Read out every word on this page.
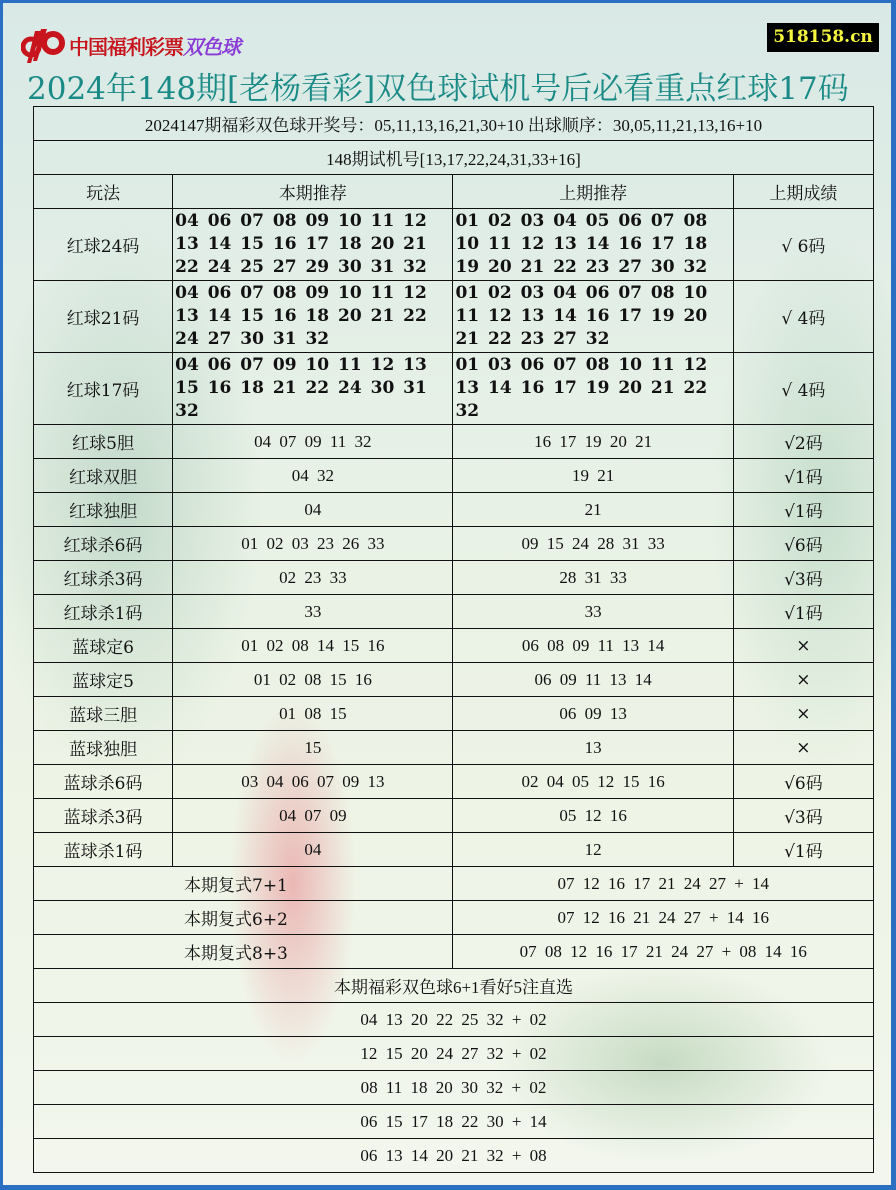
中国福利彩票 双色球	518158.cn
2024年148期[老杨看彩]双色球试机号后必看重点红球17码
2024147期福彩双色球开奖号：05,11,13,16,21,30+10 出球顺序：30,05,11,21,13,16+10			
148期试机号[13,17,22,24,31,33+16]			
玩法	本期推荐	上期推荐	上期成绩
红球24码	04 06 07 08 09 10 11 12 13 14 15 16 17 18 20 21 22 24 25 27 29 30 31 32	01 02 03 04 05 06 07 08 10 11 12 13 14 16 17 18 19 20 21 22 23 27 30 32	√ 6码
红球21码	04 06 07 08 09 10 11 12 13 14 15 16 18 20 21 22 24 27 30 31 32	01 02 03 04 06 07 08 10 11 12 13 14 16 17 19 20 21 22 23 27 32	√ 4码
红球17码	04 06 07 09 10 11 12 13 15 16 18 21 22 24 30 31 32	01 03 06 07 08 10 11 12 13 14 16 17 19 20 21 22 32	√ 4码
红球5胆	04 07 09 11 32	16 17 19 20 21	√2码
红球双胆	04 32	19 21	√1码
红球独胆	04	21	√1码
红球杀6码	01 02 03 23 26 33	09 15 24 28 31 33	√6码
红球杀3码	02 23 33	28 31 33	√3码
红球杀1码	33	33	√1码
蓝球定6	01 02 08 14 15 16	06 08 09 11 13 14	×
蓝球定5	01 02 08 15 16	06 09 11 13 14	×
蓝球三胆	01 08 15	06 09 13	×
蓝球独胆	15	13	×
蓝球杀6码	03 04 06 07 09 13	02 04 05 12 15 16	√6码
蓝球杀3码	04 07 09	05 12 16	√3码
蓝球杀1码	04	12	√1码
本期复式7+1		07 12 16 17 21 24 27 + 14	
本期复式6+2		07 12 16 21 24 27 + 14 16	
本期复式8+3		07 08 12 16 17 21 24 27 + 08 14 16	
本期福彩双色球6+1看好5注直选			
04 13 20 22 25 32 + 02			
12 15 20 24 27 32 + 02			
08 11 18 20 30 32 + 02			
06 15 17 18 22 30 + 14			
06 13 14 20 21 32 + 08			
